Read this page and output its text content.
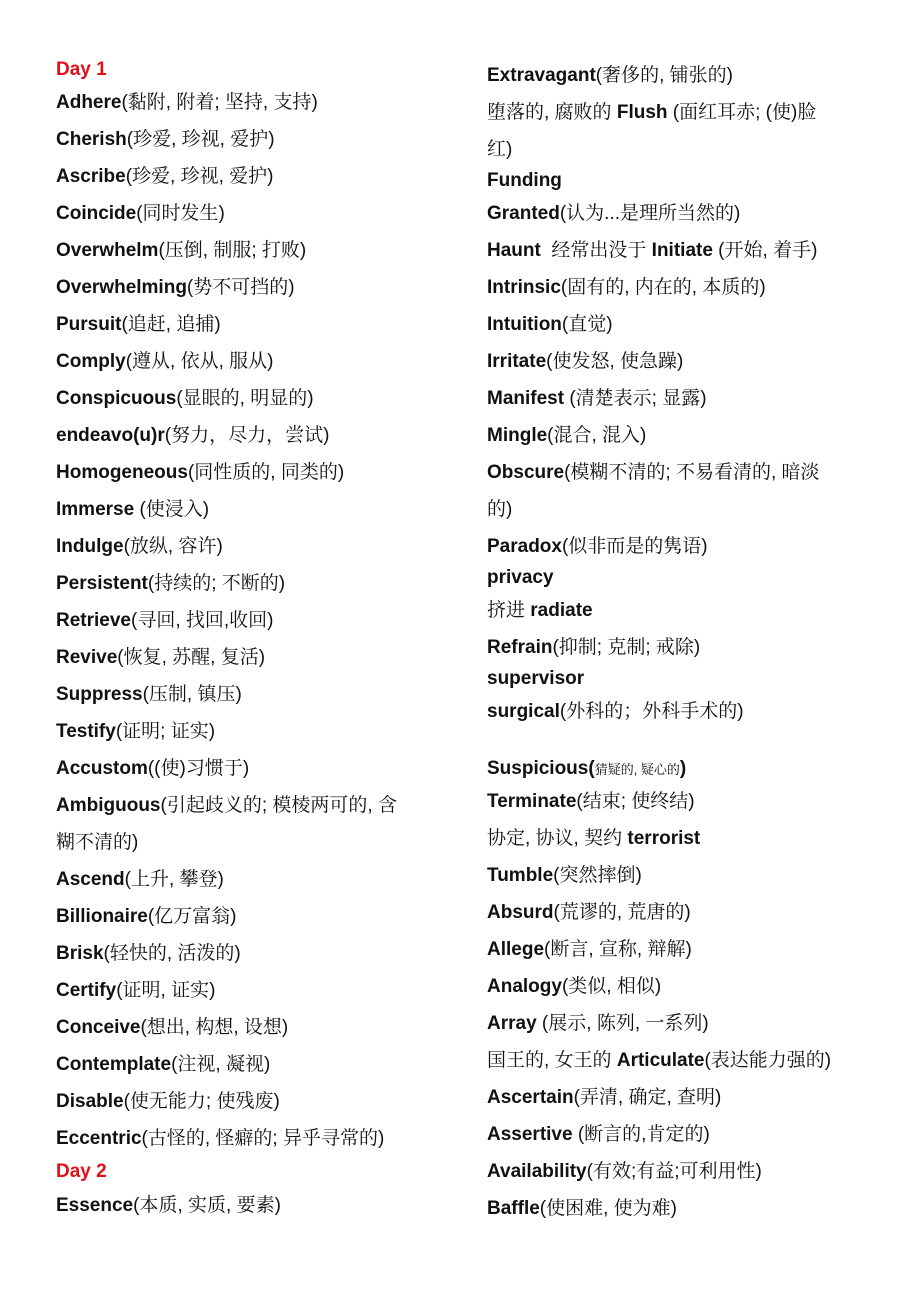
Day 1
Adhere(黏附, 附着; 坚持, 支持)
Cherish(珍爱, 珍视, 爱护)
Ascribe(珍爱, 珍视, 爱护)
Coincide(同时发生)
Overwhelm(压倒, 制服; 打败)
Overwhelming(势不可挡的)
Pursuit(追赶, 追捕)
Comply(遵从, 依从, 服从)
Conspicuous(显眼的, 明显的)
endeavo(u)r(努力，尽力，尝试)
Homogeneous(同性质的, 同类的)
Immerse (使浸入)
Indulge(放纵, 容许)
Persistent(持续的; 不断的)
Retrieve(寻回, 找回,收回)
Revive(恢复, 苏醒, 复活)
Suppress(压制, 镇压)
Testify(证明; 证实)
Accustom((使)习惯于)
Ambiguous(引起歧义的; 模棱两可的, 含
糊不清的)
Ascend(上升, 攀登)
Billionaire(亿万富翁)
Brisk(轻快的, 活泼的)
Certify(证明, 证实)
Conceive(想出, 构想, 设想)
Contemplate(注视, 凝视)
Disable(使无能力; 使残废)
Eccentric(古怪的, 怪癖的; 异乎寻常的)
Day 2
Essence(本质, 实质, 要素)
Extravagant(奢侈的, 铺张的)
堕落的, 腐败的 Flush (面红耳赤; (使)脸
红)
Funding
Granted(认为...是理所当然的)
Haunt  经常出没于 Initiate (开始, 着手)
Intrinsic(固有的, 内在的, 本质的)
Intuition(直觉)
Irritate(使发怒, 使急躁)
Manifest (清楚表示; 显露)
Mingle(混合, 混入)
Obscure(模糊不清的; 不易看清的, 暗淡
的)
Paradox(似非而是的隽语)
privacy
挤进 radiate
Refrain(抑制; 克制; 戒除)
supervisor
surgical(外科的；外科手术的)
Suspicious(猜疑的, 疑心的)
Terminate(结束; 使终结)
协定, 协议, 契约 terrorist
Tumble(突然摔倒)
Absurd(荒谬的, 荒唐的)
Allege(断言, 宣称, 辩解)
Analogy(类似, 相似)
Array (展示, 陈列, 一系列)
国王的, 女王的 Articulate(表达能力强的)
Ascertain(弄清, 确定, 查明)
Assertive (断言的,肯定的)
Availability(有效;有益;可利用性)
Baffle(使困难, 使为难)
